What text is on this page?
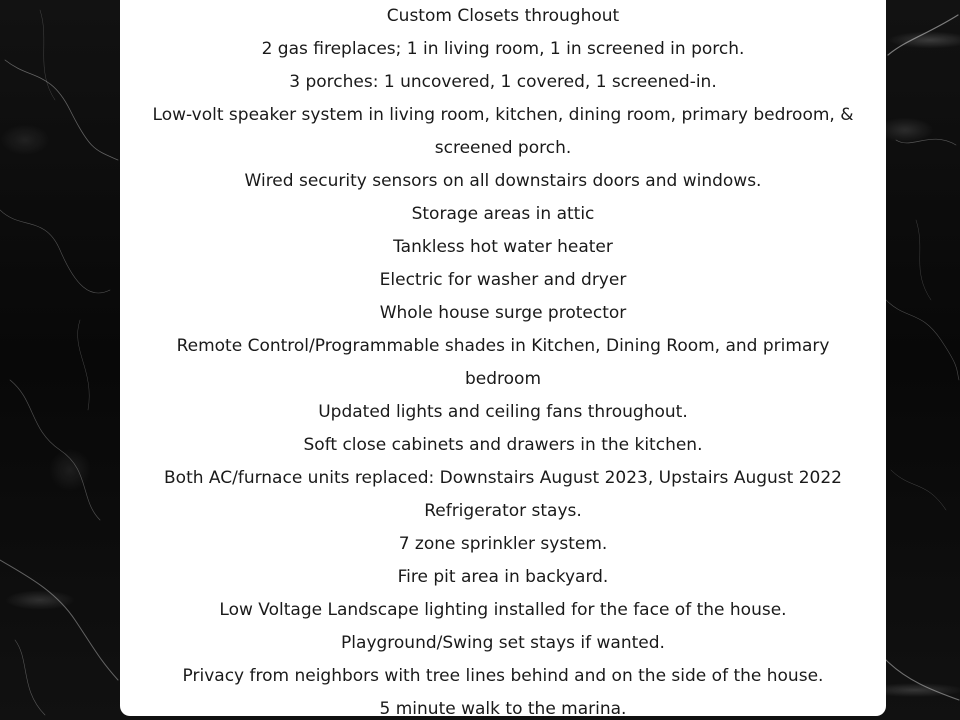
Custom Closets throughout
2 gas fireplaces; 1 in living room, 1 in screened in porch.
3 porches: 1 uncovered, 1 covered, 1 screened-in.
Low-volt speaker system in living room, kitchen, dining room, primary bedroom, & screened porch.
Wired security sensors on all downstairs doors and windows.
Storage areas in attic
Tankless hot water heater
Electric for washer and dryer
Whole house surge protector
Remote Control/Programmable shades in Kitchen, Dining Room, and primary bedroom
Updated lights and ceiling fans throughout.
Soft close cabinets and drawers in the kitchen.
Both AC/furnace units replaced: Downstairs August 2023, Upstairs August 2022
Refrigerator stays.
7 zone sprinkler system.
Fire pit area in backyard.
Low Voltage Landscape lighting installed for the face of the house.
Playground/Swing set stays if wanted.
Privacy from neighbors with tree lines behind and on the side of the house.
5 minute walk to the marina.
